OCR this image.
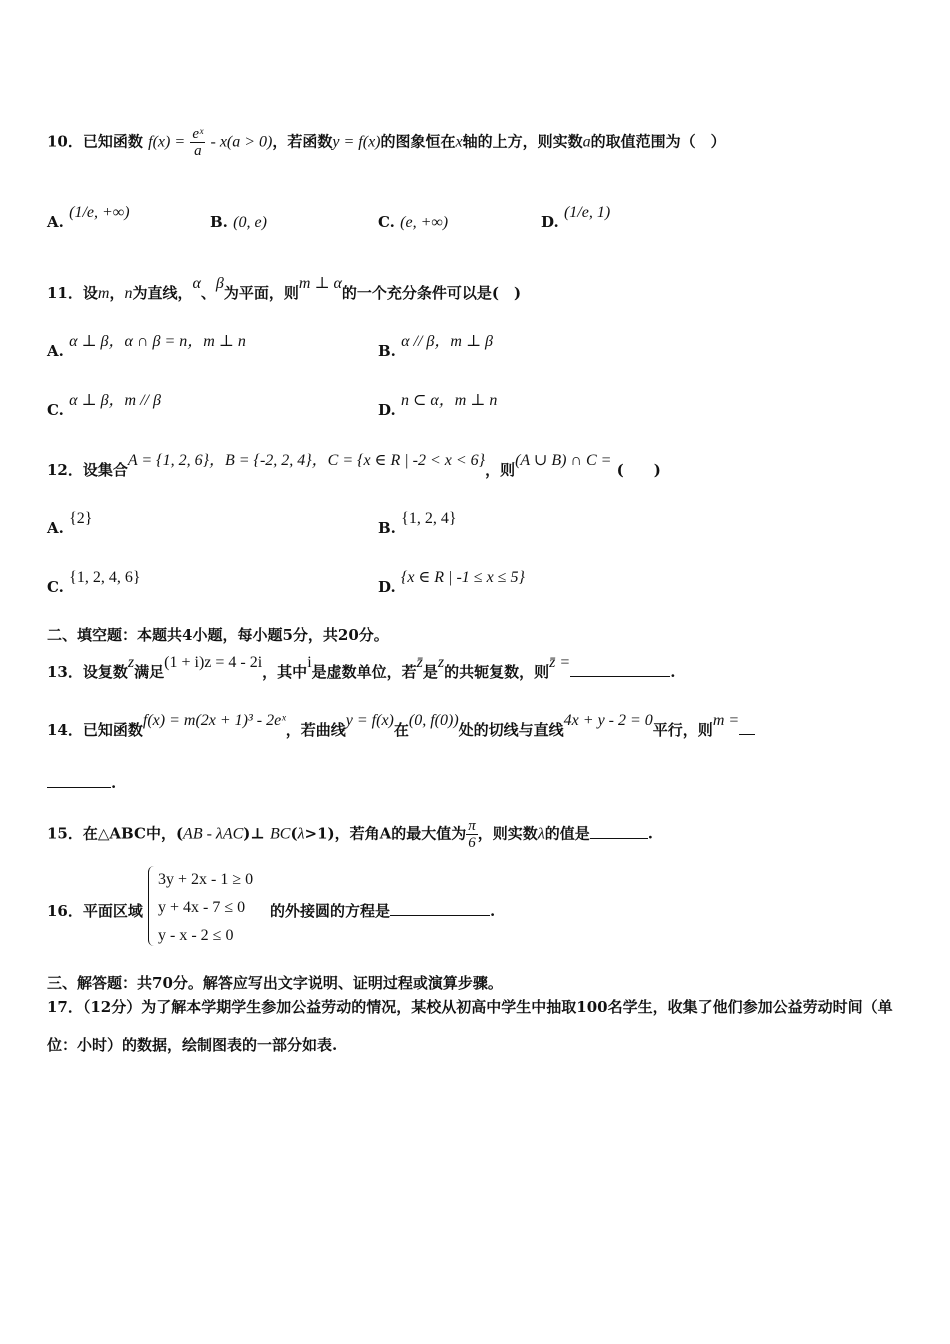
10．已知函数 $f(x) = \frac{\text{eˣ}}{a} - x(a > 0)$，若函数y = f(x)的图象恒在x轴的上方，则实数a的取值范围为（　）
A. (1/e, +∞)
B. (0, e)	C. (e, +∞)	D. (1/e, 1)
11．设m，n为直线，α、β为平面，则m ⊥ α的一个充分条件可以是(　)
A. α ⊥ β，α ∩ β = n，m ⊥ n
B. α // β，m ⊥ β
C. α ⊥ β，m // β
D. n ⊂ α，m ⊥ n
12．设集合A = {1, 2, 6}，B = {-2, 2, 4}，C = {x ∈ R | -2 < x < 6}，则(A ∪ B) ∩ C = (　　)
A. {2}
B. {1, 2, 4}
C. {1, 2, 4, 6}
D. {x ∈ R | -1 ≤ x ≤ 5}
二、填空题：本题共4小题，每小题5分，共20分。
13．设复数z满足(1 + i)z = 4 - 2i，其中i是虚数单位，若z̄是z的共轭复数，则z̄ =.
14．已知函数f(x) = m(2x + 1)³ - 2eˣ，若曲线y = f(x)在(0, f(0))处的切线与直线4x + y - 2 = 0平行，则m =
.
15．在△ABC中，(AB - λAC)⊥ BC(λ>1)，若角A的最大值为 $\frac{\pi}{6}$ ，则实数λ的值是	.
16．平面区域
3y + 2x - 1 ≥ 0
y + 4x - 7 ≤ 0
y - x - 2 ≤ 0
的外接圆的方程是	.
三、解答题：共70分。解答应写出文字说明、证明过程或演算步骤。
17．（12分）为了解本学期学生参加公益劳动的情况，某校从初高中学生中抽取100名学生，收集了他们参加公益劳动时间（单位：小时）的数据，绘制图表的一部分如表.
